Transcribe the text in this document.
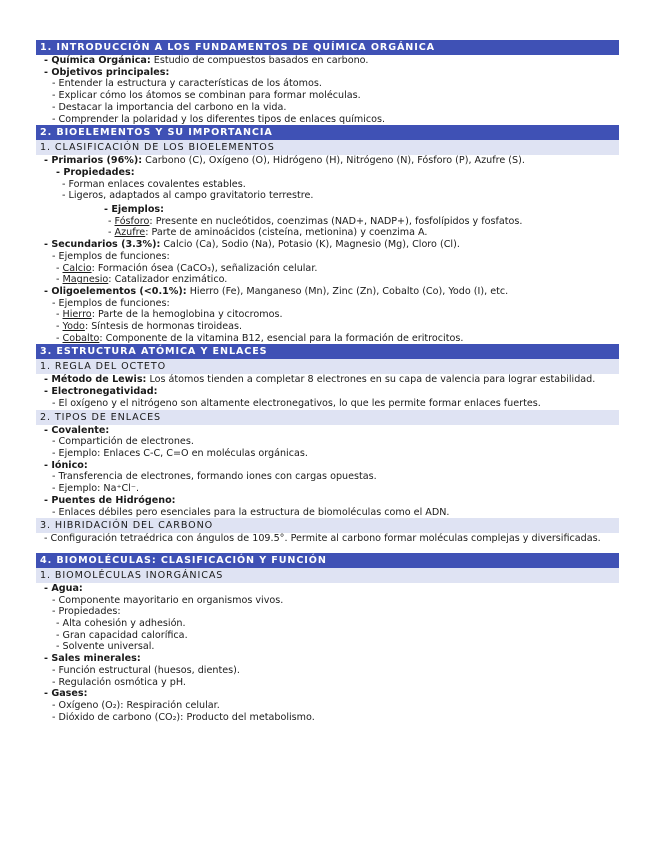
1. INTRODUCCIÓN A LOS FUNDAMENTOS DE QUÍMICA ORGÁNICA
- Química Orgánica: Estudio de compuestos basados en carbono.
- Objetivos principales:
- Entender la estructura y características de los átomos.
- Explicar cómo los átomos se combinan para formar moléculas.
- Destacar la importancia del carbono en la vida.
- Comprender la polaridad y los diferentes tipos de enlaces químicos.
2. BIOELEMENTOS Y SU IMPORTANCIA
1. CLASIFICACIÓN DE LOS BIOELEMENTOS
- Primarios (96%): Carbono (C), Oxígeno (O), Hidrógeno (H), Nitrógeno (N), Fósforo (P), Azufre (S).
- Propiedades:
- Forman enlaces covalentes estables.
- Ligeros, adaptados al campo gravitatorio terrestre.
- Ejemplos:
- Fósforo: Presente en nucleótidos, coenzimas (NAD+, NADP+), fosfolípidos y fosfatos.
- Azufre: Parte de aminoácidos (cisteína, metionina) y coenzima A.
- Secundarios (3.3%): Calcio (Ca), Sodio (Na), Potasio (K), Magnesio (Mg), Cloro (Cl).
- Ejemplos de funciones:
- Calcio: Formación ósea (CaCO₃), señalización celular.
- Magnesio: Catalizador enzimático.
- Oligoelementos (<0.1%): Hierro (Fe), Manganeso (Mn), Zinc (Zn), Cobalto (Co), Yodo (I), etc.
- Ejemplos de funciones:
- Hierro: Parte de la hemoglobina y citocromos.
- Yodo: Síntesis de hormonas tiroideas.
- Cobalto: Componente de la vitamina B12, esencial para la formación de eritrocitos.
3. ESTRUCTURA ATÓMICA Y ENLACES
1. REGLA DEL OCTETO
- Método de Lewis: Los átomos tienden a completar 8 electrones en su capa de valencia para lograr estabilidad.
- Electronegatividad:
- El oxígeno y el nitrógeno son altamente electronegativos, lo que les permite formar enlaces fuertes.
2. TIPOS DE ENLACES
- Covalente:
- Compartición de electrones.
- Ejemplo: Enlaces C-C, C=O en moléculas orgánicas.
- Iónico:
- Transferencia de electrones, formando iones con cargas opuestas.
- Ejemplo: Na⁺Cl⁻.
- Puentes de Hidrógeno:
- Enlaces débiles pero esenciales para la estructura de biomoléculas como el ADN.
3. HIBRIDACIÓN DEL CARBONO
- Configuración tetraédrica con ángulos de 109.5°. Permite al carbono formar moléculas complejas y diversificadas.
4. BIOMOLÉCULAS: CLASIFICACIÓN Y FUNCIÓN
1. BIOMOLÉCULAS INORGÁNICAS
- Agua:
- Componente mayoritario en organismos vivos.
- Propiedades:
- Alta cohesión y adhesión.
- Gran capacidad calorífica.
- Solvente universal.
- Sales minerales:
- Función estructural (huesos, dientes).
- Regulación osmótica y pH.
- Gases:
- Oxígeno (O₂): Respiración celular.
- Dióxido de carbono (CO₂): Producto del metabolismo.
